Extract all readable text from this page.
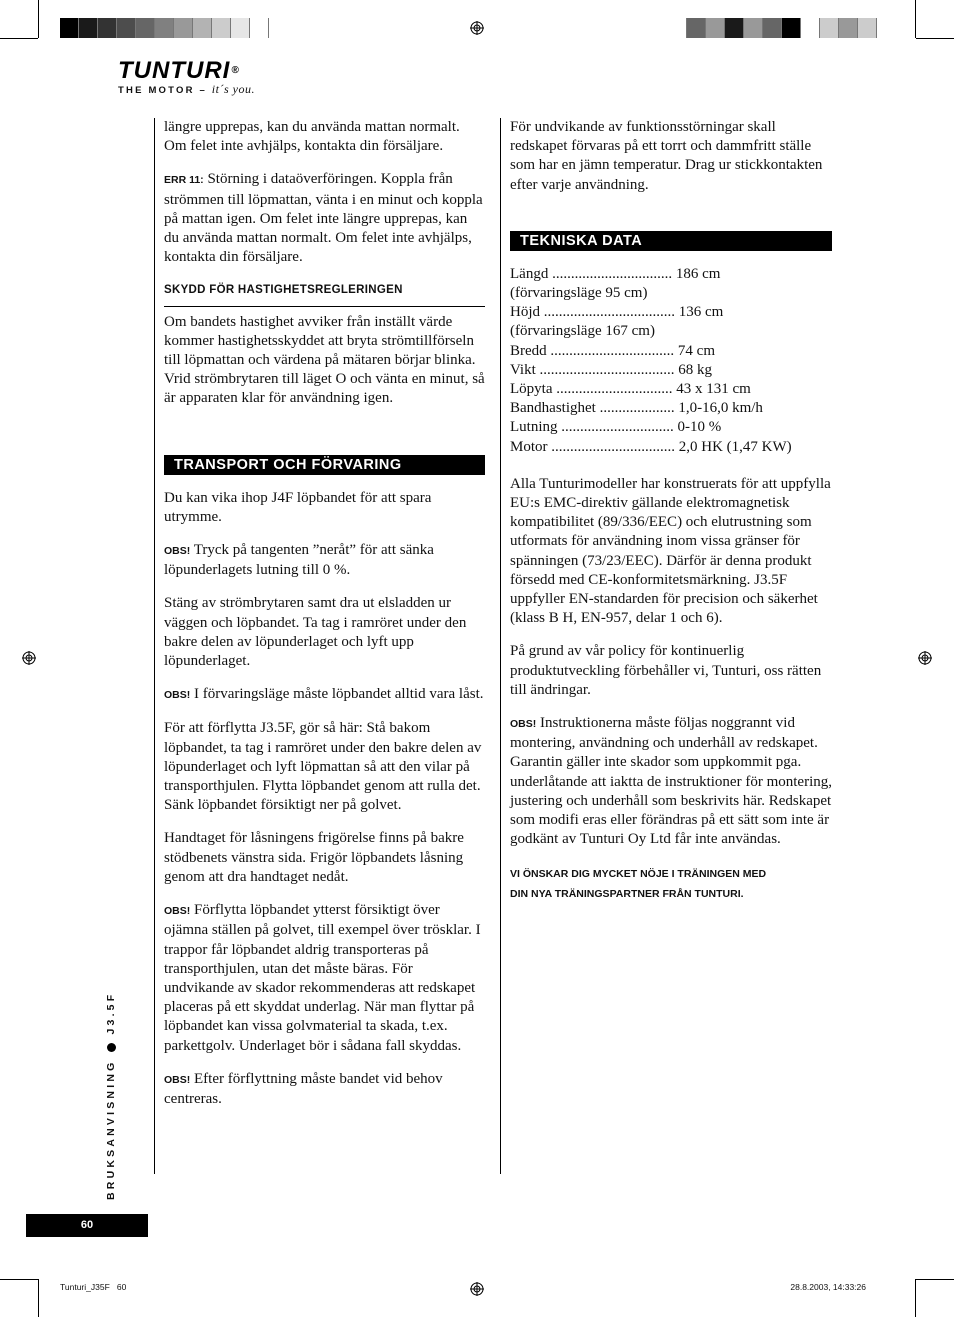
TUNTURI®
THE MOTOR – it´s you.

längre upprepas, kan du använda mattan normalt. Om felet inte avhjälps, kontakta din försäljare.

ERR 11: Störning i dataöverföringen. Koppla från strömmen till löpmattan, vänta i en minut och koppla på mattan igen. Om felet inte längre upprepas, kan du använda mattan normalt. Om felet inte avhjälps, kontakta din försäljare.

SKYDD FÖR HASTIGHETSREGLERINGEN

Om bandets hastighet avviker från inställt värde kommer hastighetsskyddet att bryta strömtillförseln till löpmattan och värdena på mätaren börjar blinka. Vrid strömbrytaren till läget O och vänta en minut, så är apparaten klar för användning igen.

TRANSPORT OCH FÖRVARING

Du kan vika ihop J4F löpbandet för att spara utrymme.

OBS! Tryck på tangenten ”neråt” för att sänka löpunderlagets lutning till 0 %.

Stäng av strömbrytaren samt dra ut elsladden ur väggen och löpbandet. Ta tag i ramröret under den bakre delen av löpunderlaget och lyft upp löpunderlaget.

OBS! I förvaringsläge måste löpbandet alltid vara låst.

För att förflytta J3.5F, gör så här: Stå bakom löpbandet, ta tag i ramröret under den bakre delen av löpunderlaget och lyft löpmattan så att den vilar på transporthjulen. Flytta löpbandet genom att rulla det. Sänk löpbandet försiktigt ner på golvet.

Handtaget för låsningens frigörelse finns på bakre stödbenets vänstra sida. Frigör löpbandets låsning genom att dra handtaget nedåt.

OBS! Förflytta löpbandet ytterst försiktigt över ojämna ställen på golvet, till exempel över trösklar. I trappor får löpbandet aldrig transporteras på transporthjulen, utan det måste bäras. För undvikande av skador rekommenderas att redskapet placeras på ett skyddat underlag. När man flyttar på löpbandet kan vissa golvmaterial ta skada, t.ex. parkettgolv. Underlaget bör i sådana fall skyddas.

OBS! Efter förflyttning måste bandet vid behov centreras.

För undvikande av funktionsstörningar skall redskapet förvaras på ett torrt och dammfritt ställe som har en jämn temperatur. Drag ur stickkontakten efter varje användning.

TEKNISKA DATA
Längd ................................ 186 cm
(förvaringsläge 95 cm)
Höjd ................................... 136 cm
(förvaringsläge 167 cm)
Bredd ................................. 74 cm
Vikt .................................... 68 kg
Löpyta ............................... 43 x 131 cm
Bandhastighet .................... 1,0-16,0 km/h
Lutning .............................. 0-10 %
Motor ................................. 2,0 HK (1,47 KW)

Alla Tunturimodeller har konstruerats för att uppfylla EU:s EMC-direktiv gällande elektromagnetisk kompatibilitet (89/336/EEC) och elutrustning som utformats för användning inom vissa gränser för spänningen (73/23/EEC). Därför är denna produkt försedd med CE-konformitetsmärkning. J3.5F uppfyller EN-standarden för precision och säkerhet (klass B H, EN-957, delar 1 och 6).

På grund av vår policy för kontinuerlig produktutveckling förbehåller vi, Tunturi, oss rätten till ändringar.

OBS! Instruktionerna måste följas noggrannt vid montering, användning och underhåll av redskapet. Garantin gäller inte skador som uppkommit pga. underlåtande att iaktta de instruktioner för montering, justering och underhåll som beskrivits här. Redskapet som modifi eras eller förändras på ett sätt som inte är godkänt av Tunturi Oy Ltd får inte användas.

VI ÖNSKAR DIG MYCKET NÖJE I TRÄNINGEN MED
DIN NYA TRÄNINGSPARTNER FRÅN TUNTURI.
BRUKSANVISNINGJ3.5F
60
Tunturi_J35F   60	28.8.2003, 14:33:26
